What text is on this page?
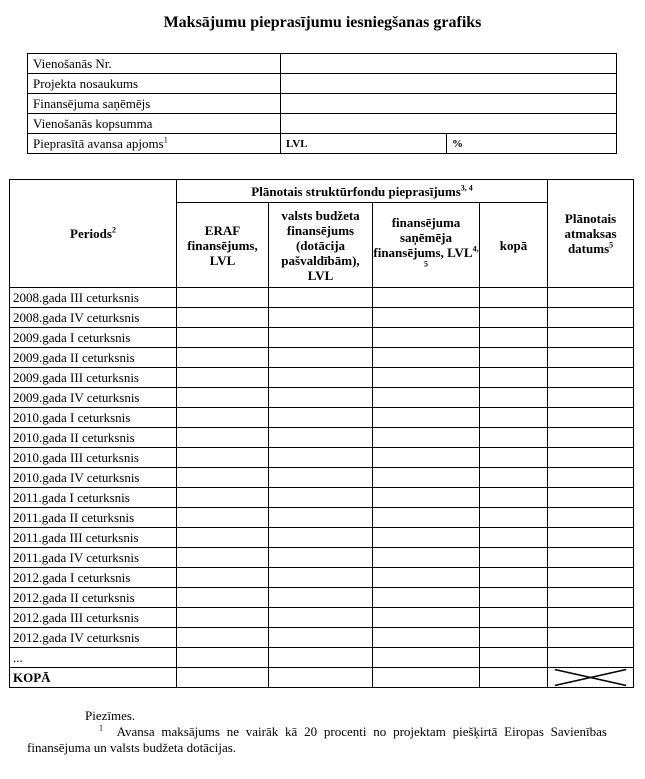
Maksājumu pieprasījumu iesniegšanas grafiks
Vienošanās Nr.		
Projekta nosaukums		
Finansējuma saņēmējs		
Vienošanās kopsumma		
Pieprasītā avansa apjoms$^1$	LVL	%
Periods$^2$	Plānotais struktūrfondu pieprasījums$^{3, 4}$				Plānotais atmaksas datums$^5$
	ERAF finansējums, LVL	valsts budžeta finansējums (dotācija pašvaldībām), LVL	finansējuma saņēmēja finansējums, LVL$^{4, 5}$	kopā	
2008.gada III ceturksnis					
2008.gada IV ceturksnis					
2009.gada I ceturksnis					
2009.gada II ceturksnis					
2009.gada III ceturksnis					
2009.gada IV ceturksnis					
2010.gada I ceturksnis					
2010.gada II ceturksnis					
2010.gada III ceturksnis					
2010.gada IV ceturksnis					
2011.gada I ceturksnis					
2011.gada II ceturksnis					
2011.gada III ceturksnis					
2011.gada IV ceturksnis					
2012.gada I ceturksnis					
2012.gada II ceturksnis					
2012.gada III ceturksnis					
2012.gada IV ceturksnis					
...					
KOPĀ					
Piezīmes.
$^1$ Avansa maksājums ne vairāk kā 20 procenti no projektam piešķirtā Eiropas Savienības finansējuma un valsts budžeta dotācijas.
